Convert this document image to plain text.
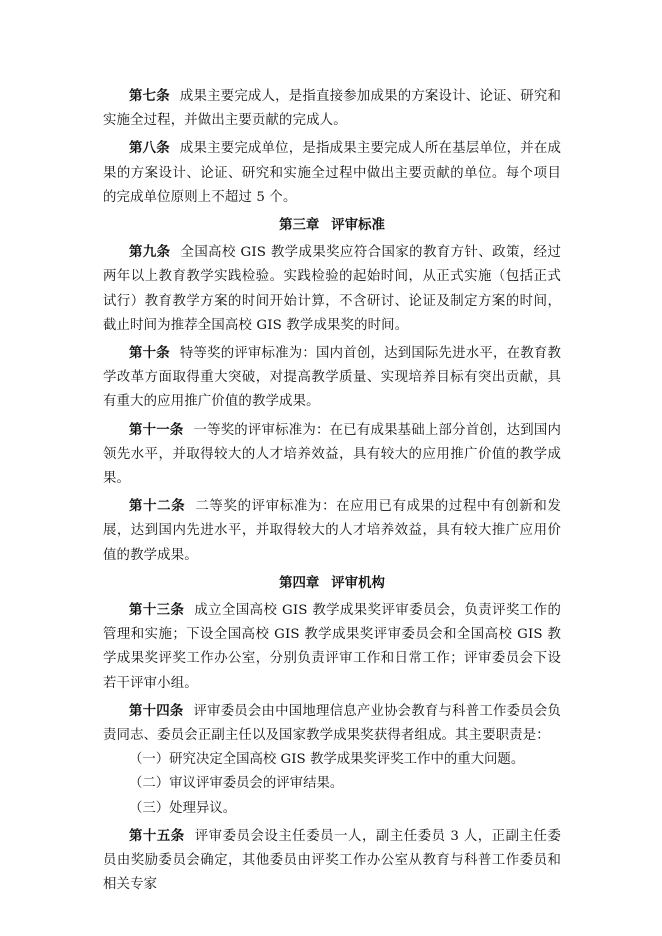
第七条 成果主要完成人，是指直接参加成果的方案设计、论证、研究和实施全过程，并做出主要贡献的完成人。

第八条 成果主要完成单位，是指成果主要完成人所在基层单位，并在成果的方案设计、论证、研究和实施全过程中做出主要贡献的单位。每个项目的完成单位原则上不超过 5 个。

第三章 评审标准

第九条 全国高校 GIS 教学成果奖应符合国家的教育方针、政策，经过两年以上教育教学实践检验。实践检验的起始时间，从正式实施（包括正式试行）教育教学方案的时间开始计算，不含研讨、论证及制定方案的时间，截止时间为推荐全国高校 GIS 教学成果奖的时间。

第十条 特等奖的评审标准为：国内首创，达到国际先进水平，在教育教学改革方面取得重大突破，对提高教学质量、实现培养目标有突出贡献，具有重大的应用推广价值的教学成果。

第十一条 一等奖的评审标准为：在已有成果基础上部分首创，达到国内领先水平，并取得较大的人才培养效益，具有较大的应用推广价值的教学成果。

第十二条 二等奖的评审标准为：在应用已有成果的过程中有创新和发展，达到国内先进水平，并取得较大的人才培养效益，具有较大推广应用价值的教学成果。

第四章 评审机构

第十三条 成立全国高校 GIS 教学成果奖评审委员会，负责评奖工作的管理和实施；下设全国高校 GIS 教学成果奖评审委员会和全国高校 GIS 教学成果奖评奖工作办公室，分别负责评审工作和日常工作；评审委员会下设若干评审小组。

第十四条 评审委员会由中国地理信息产业协会教育与科普工作委员会负责同志、委员会正副主任以及国家教学成果奖获得者组成。其主要职责是：

（一）研究决定全国高校 GIS 教学成果奖评奖工作中的重大问题。

（二）审议评审委员会的评审结果。

（三）处理异议。

第十五条 评审委员会设主任委员一人，副主任委员 3 人，正副主任委员由奖励委员会确定，其他委员由评奖工作办公室从教育与科普工作委员和相关专家
